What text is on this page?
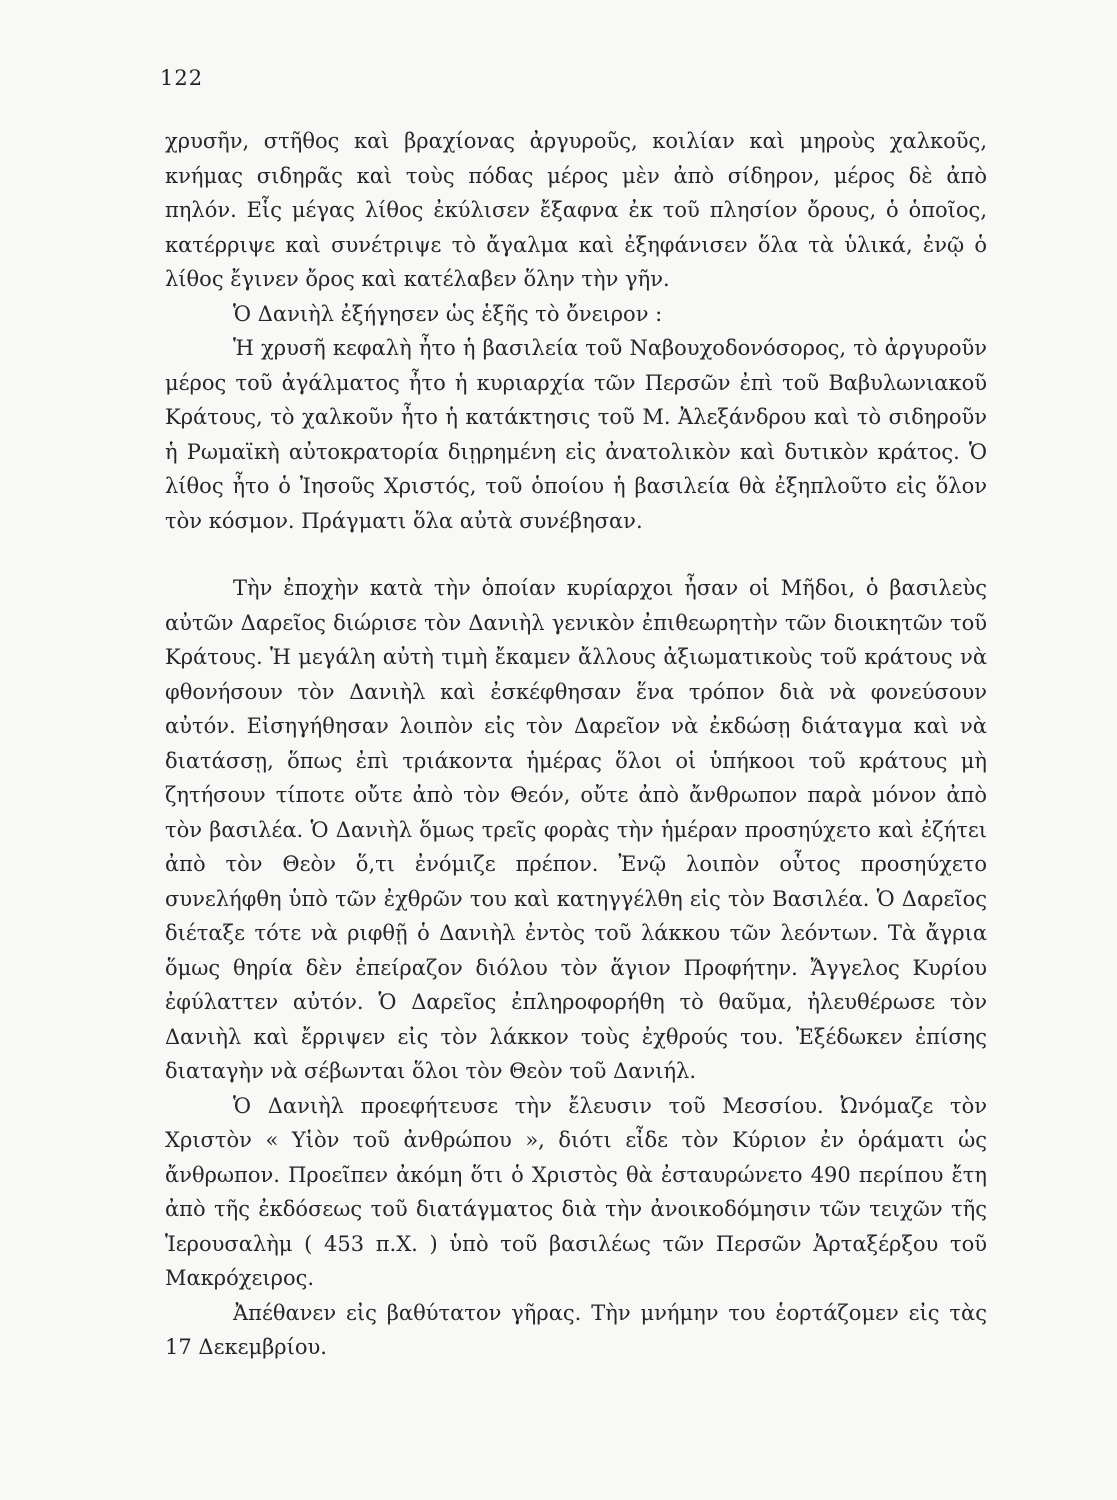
122

χρυσῆν, στῆθος καὶ βραχίονας ἀργυροῦς, κοιλίαν καὶ μηροὺς χαλκοῦς, κνήμας σιδηρᾶς καὶ τοὺς πόδας μέρος μὲν ἀπὸ σίδηρον, μέρος δὲ ἀπὸ πηλόν. Εἷς μέγας λίθος ἐκύλισεν ἔξαφνα ἐκ τοῦ πλησίον ὄρους, ὁ ὁποῖος, κατέρριψε καὶ συνέτριψε τὸ ἄγαλμα καὶ ἐξηφάνισεν ὅλα τὰ ὑλικά, ἐνῷ ὁ λίθος ἔγινεν ὄρος καὶ κατέλαβεν ὅλην τὴν γῆν.

Ὁ Δανιὴλ ἐξήγησεν ὡς ἑξῆς τὸ ὄνειρον :

Ἡ χρυσῆ κεφαλὴ ἦτο ἡ βασιλεία τοῦ Ναβουχοδονόσορος, τὸ ἀργυροῦν μέρος τοῦ ἀγάλματος ἦτο ἡ κυριαρχία τῶν Περσῶν ἐπὶ τοῦ Βαβυλωνιακοῦ Κράτους, τὸ χαλκοῦν ἦτο ἡ κατάκτησις τοῦ Μ. Ἀλεξάνδρου καὶ τὸ σιδηροῦν ἡ Ρωμαϊκὴ αὐτοκρατορία διῃρημένη εἰς ἀνατολικὸν καὶ δυτικὸν κράτος. Ὁ λίθος ἦτο ὁ Ἰησοῦς Χριστός, τοῦ ὁποίου ἡ βασιλεία θὰ ἐξηπλοῦτο εἰς ὅλον τὸν κόσμον. Πράγματι ὅλα αὐτὰ συνέβησαν.

Τὴν ἐποχὴν κατὰ τὴν ὁποίαν κυρίαρχοι ἦσαν οἱ Μῆδοι, ὁ βασιλεὺς αὐτῶν Δαρεῖος διώρισε τὸν Δανιὴλ γενικὸν ἐπιθεωρητὴν τῶν διοικητῶν τοῦ Κράτους. Ἡ μεγάλη αὐτὴ τιμὴ ἔκαμεν ἄλλους ἀξιωματικοὺς τοῦ κράτους νὰ φθονήσουν τὸν Δανιὴλ καὶ ἐσκέφθησαν ἕνα τρόπον διὰ νὰ φονεύσουν αὐτόν. Εἰσηγήθησαν λοιπὸν εἰς τὸν Δαρεῖον νὰ ἐκδώσῃ διάταγμα καὶ νὰ διατάσσῃ, ὅπως ἐπὶ τριάκοντα ἡμέρας ὅλοι οἱ ὑπήκοοι τοῦ κράτους μὴ ζητήσουν τίποτε οὔτε ἀπὸ τὸν Θεόν, οὔτε ἀπὸ ἄνθρωπον παρὰ μόνον ἀπὸ τὸν βασιλέα. Ὁ Δανιὴλ ὅμως τρεῖς φορὰς τὴν ἡμέραν προσηύχετο καὶ ἐζήτει ἀπὸ τὸν Θεὸν ὅ,τι ἐνόμιζε πρέπον. Ἐνῷ λοιπὸν οὗτος προσηύχετο συνελήφθη ὑπὸ τῶν ἐχθρῶν του καὶ κατηγγέλθη εἰς τὸν Βασιλέα. Ὁ Δαρεῖος διέταξε τότε νὰ ριφθῇ ὁ Δανιὴλ ἐντὸς τοῦ λάκκου τῶν λεόντων. Τὰ ἄγρια ὅμως θηρία δὲν ἐπείραζον διόλου τὸν ἅγιον Προφήτην. Ἄγγελος Κυρίου ἐφύλαττεν αὐτόν. Ὁ Δαρεῖος ἐπληροφορήθη τὸ θαῦμα, ἠλευθέρωσε τὸν Δανιὴλ καὶ ἔρριψεν εἰς τὸν λάκκον τοὺς ἐχθρούς του. Ἐξέδωκεν ἐπίσης διαταγὴν νὰ σέβωνται ὅλοι τὸν Θεὸν τοῦ Δανιήλ.

Ὁ Δανιὴλ προεφήτευσε τὴν ἔλευσιν τοῦ Μεσσίου. Ὠνόμαζε τὸν Χριστὸν « Υἱὸν τοῦ ἀνθρώπου », διότι εἶδε τὸν Κύριον ἐν ὁράματι ὡς ἄνθρωπον. Προεῖπεν ἀκόμη ὅτι ὁ Χριστὸς θὰ ἐσταυρώνετο 490 περίπου ἔτη ἀπὸ τῆς ἐκδόσεως τοῦ διατάγματος διὰ τὴν ἀνοικοδόμησιν τῶν τειχῶν τῆς Ἱερουσαλὴμ ( 453 π.Χ. ) ὑπὸ τοῦ βασιλέως τῶν Περσῶν Ἀρταξέρξου τοῦ Μακρόχειρος.

Ἀπέθανεν εἰς βαθύτατον γῆρας. Τὴν μνήμην του ἑορτάζομεν εἰς τὰς 17 Δεκεμβρίου.
